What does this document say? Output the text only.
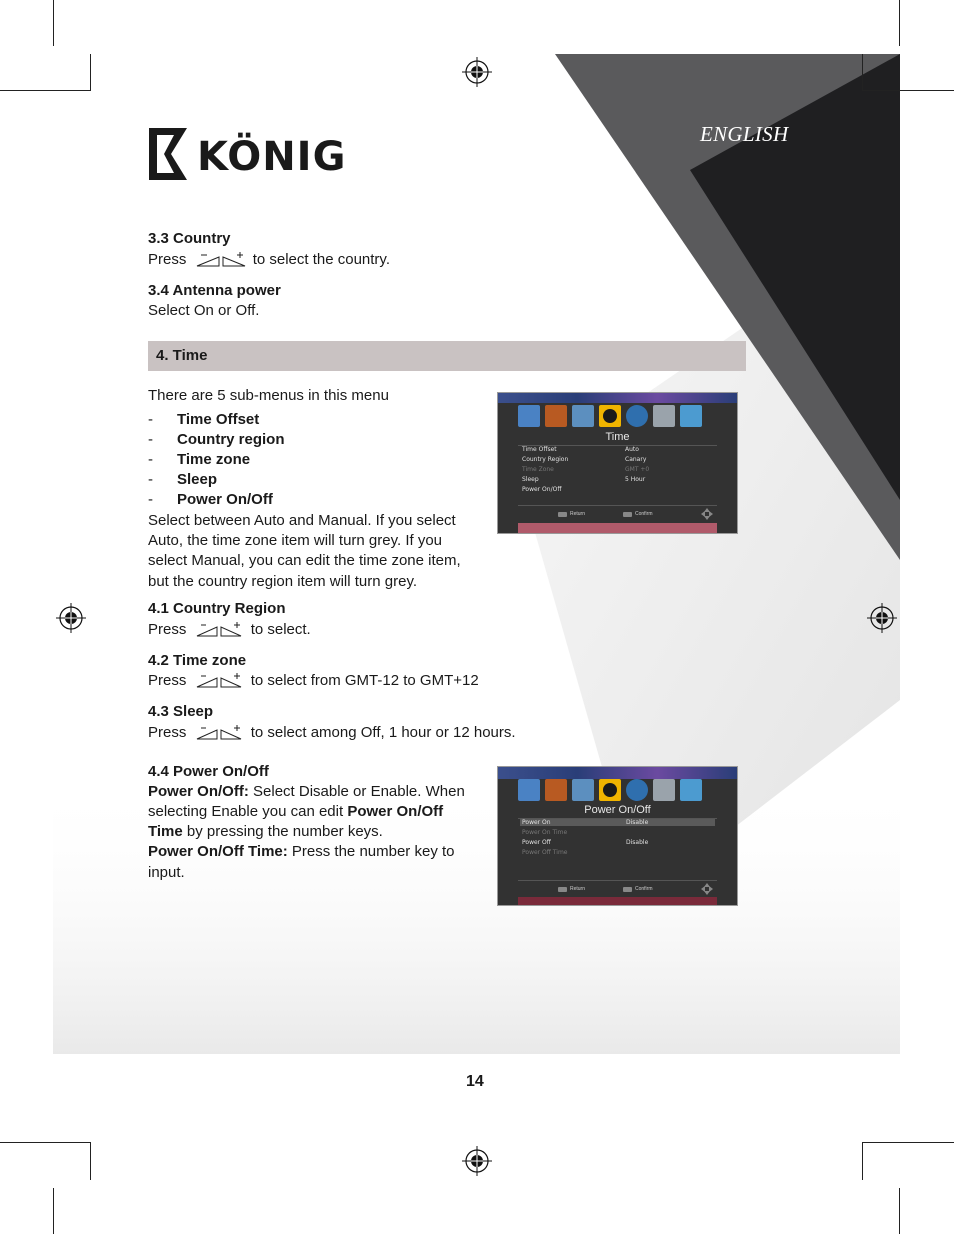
KÖNIG	ENGLISH
3.3 Country
Press	to select the country.
3.4 Antenna power
Select On or Off.
4. Time
There are 5 sub-menus in this menu
- Time Offset
- Country region
- Time zone
- Sleep
- Power On/Off
Select between Auto and Manual. If you select
Auto, the time zone item will turn grey. If you
select Manual, you can edit the time zone item,
but the country region item will turn grey.
Time
Time Offset	Auto
Country Region	Canary
Time Zone	GMT +0
Sleep	5 Hour
Power On/Off
Return	Confirm
4.1 Country Region
Press	to select.
4.2 Time zone
Press	to select from GMT-12 to GMT+12
4.3 Sleep
Press	to select among Off, 1 hour or 12 hours.
4.4 Power On/Off
Power On/Off: Select Disable or Enable. When
selecting Enable you can edit Power On/Off
Time by pressing the number keys.
Power On/Off Time: Press the number key to
input.
Power On/Off
Power On	Disable
Power On Time
Power Off	Disable
Power Off Time
Return	Confirm
14
